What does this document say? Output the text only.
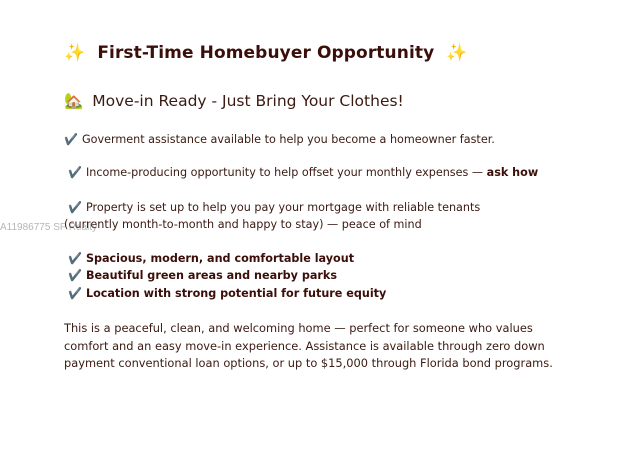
✨ First-Time Homebuyer Opportunity ✨
🏡 Move-in Ready - Just Bring Your Clothes!
✔️ Goverment assistance available to help you become a homeowner faster.
✔️ Income-producing opportunity to help offset your monthly expenses — ask how
✔️ Property is set up to help you pay your mortgage with reliable tenants
(currently month-to-month and happy to stay) — peace of mind
✔️ Spacious, modern, and comfortable layout
✔️ Beautiful green areas and nearby parks
✔️ Location with strong potential for future equity
This is a peaceful, clean, and welcoming home — perfect for someone who values comfort and an easy move-in experience. Assistance is available through zero down payment conventional loan options, or up to $15,000 through Florida bond programs.
A11986775 SF Realty
